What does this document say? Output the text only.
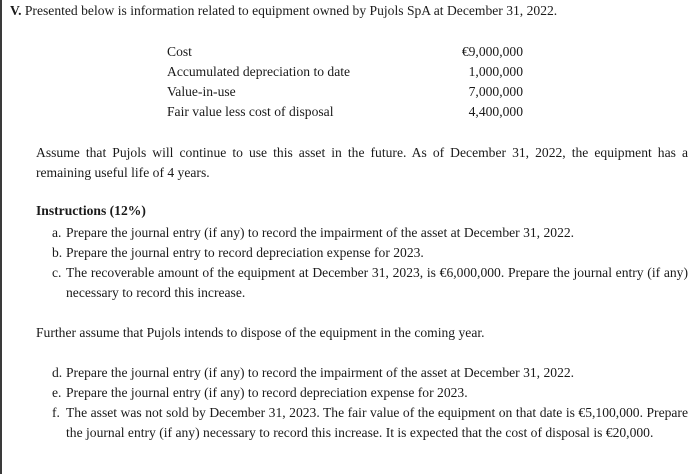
V. Presented below is information related to equipment owned by Pujols SpA at December 31, 2022.
Cost	€9,000,000
Accumulated depreciation to date	1,000,000
Value-in-use	7,000,000
Fair value less cost of disposal	4,400,000
Assume that Pujols will continue to use this asset in the future. As of December 31, 2022, the equipment has a remaining useful life of 4 years.
Instructions (12%)
a. Prepare the journal entry (if any) to record the impairment of the asset at December 31, 2022.
b. Prepare the journal entry to record depreciation expense for 2023.
c. The recoverable amount of the equipment at December 31, 2023, is €6,000,000. Prepare the journal entry (if any) necessary to record this increase.
Further assume that Pujols intends to dispose of the equipment in the coming year.
d. Prepare the journal entry (if any) to record the impairment of the asset at December 31, 2022.
e. Prepare the journal entry (if any) to record depreciation expense for 2023.
f. The asset was not sold by December 31, 2023. The fair value of the equipment on that date is €5,100,000. Prepare the journal entry (if any) necessary to record this increase. It is expected that the cost of disposal is €20,000.
